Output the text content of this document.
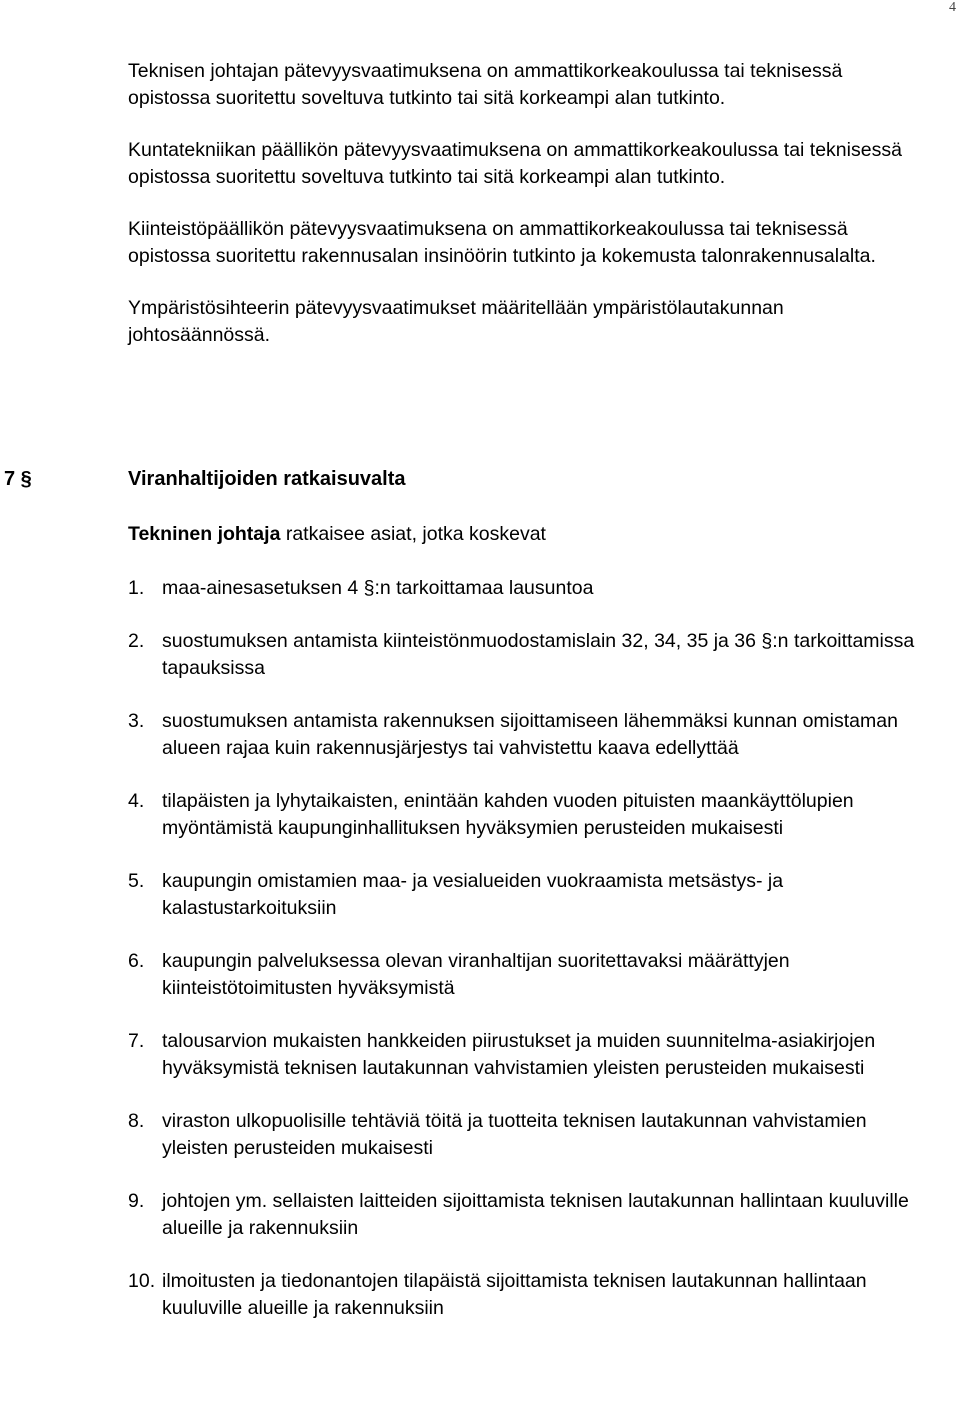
4

Teknisen johtajan pätevyysvaatimuksena on ammattikorkeakoulussa tai teknisessä opistossa suoritettu soveltuva tutkinto tai sitä korkeampi alan tutkinto.

Kuntatekniikan päällikön pätevyysvaatimuksena on ammattikorkeakoulussa tai teknisessä opistossa suoritettu soveltuva tutkinto tai sitä korkeampi alan tutkinto.

Kiinteistöpäällikön pätevyysvaatimuksena on ammattikorkeakoulussa tai teknisessä opistossa suoritettu rakennusalan insinöörin tutkinto ja kokemusta talonrakennusalalta.

Ympäristösihteerin pätevyysvaatimukset määritellään ympäristölautakunnan johtosäännössä.

7 §	Viranhaltijoiden ratkaisuvalta
Tekninen johtaja ratkaisee asiat, jotka koskevat
1. maa-ainesasetuksen 4 §:n tarkoittamaa lausuntoa
2. suostumuksen antamista kiinteistönmuodostamislain 32, 34, 35 ja 36 §:n tarkoittamissa tapauksissa
3. suostumuksen antamista rakennuksen sijoittamiseen lähemmäksi kunnan omistaman alueen rajaa kuin rakennusjärjestys tai vahvistettu kaava edellyttää
4. tilapäisten ja lyhytaikaisten, enintään kahden vuoden pituisten maankäyttölupien myöntämistä kaupunginhallituksen hyväksymien perusteiden mukaisesti
5. kaupungin omistamien maa- ja vesialueiden vuokraamista metsästys- ja kalastustarkoituksiin
6. kaupungin palveluksessa olevan viranhaltijan suoritettavaksi määrättyjen kiinteistötoimitusten hyväksymistä
7. talousarvion mukaisten hankkeiden piirustukset ja muiden suunnitelma-asiakirjojen hyväksymistä teknisen lautakunnan vahvistamien yleisten perusteiden mukaisesti
8. viraston ulkopuolisille tehtäviä töitä ja tuotteita teknisen lautakunnan vahvistamien yleisten perusteiden mukaisesti
9. johtojen ym. sellaisten laitteiden sijoittamista teknisen lautakunnan hallintaan kuuluville alueille ja rakennuksiin
10. ilmoitusten ja tiedonantojen tilapäistä sijoittamista teknisen lautakunnan hallintaan kuuluville alueille ja rakennuksiin
